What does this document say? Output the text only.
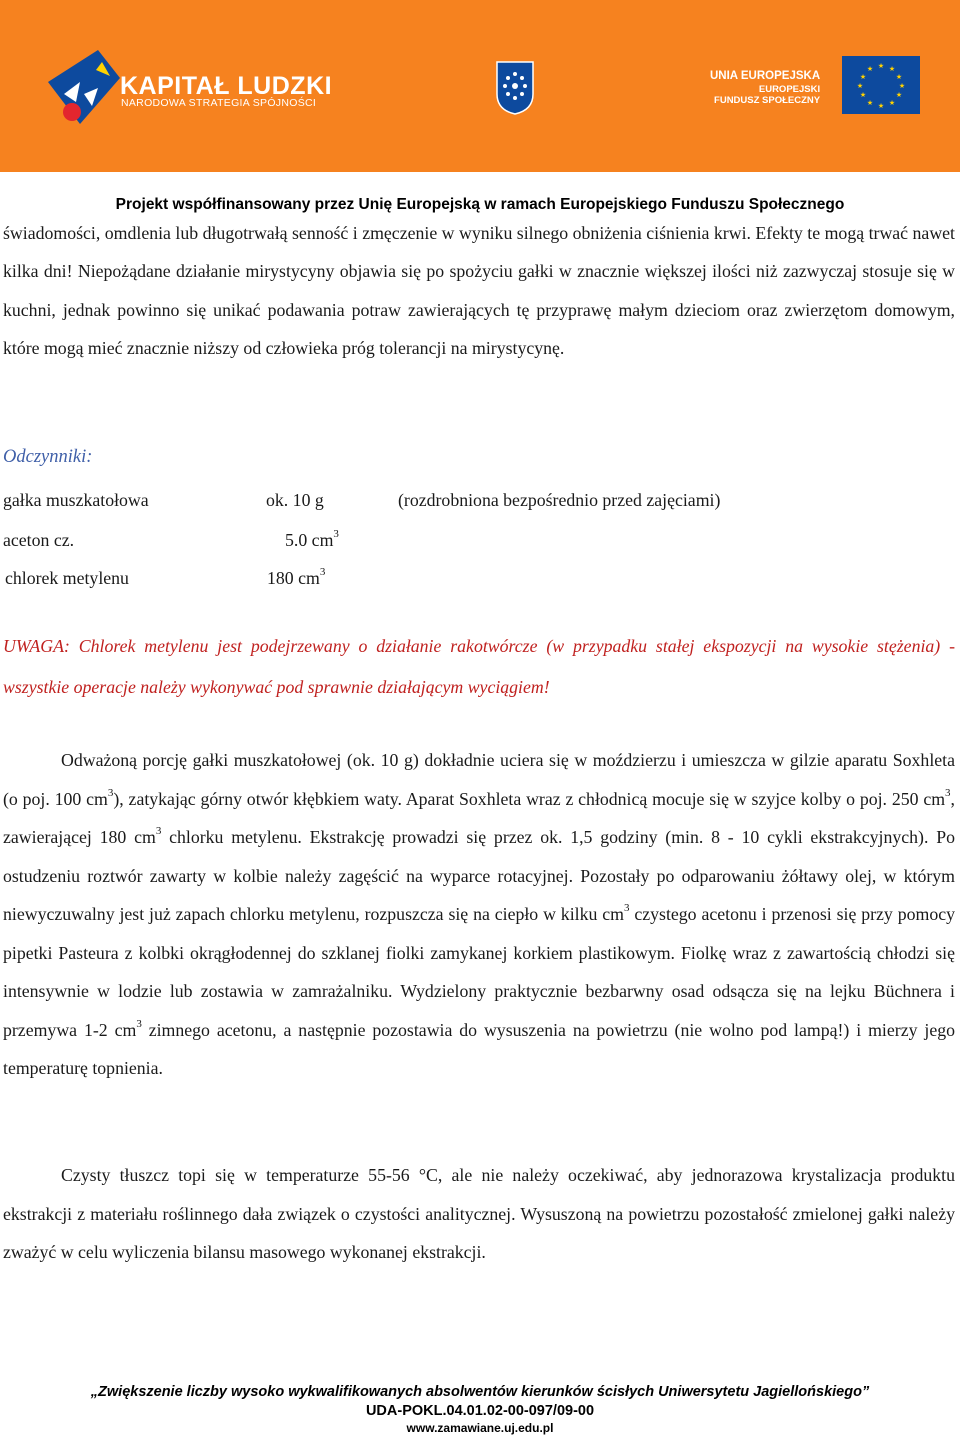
KAPITAŁ LUDZKI
NARODOWA STRATEGIA SPÓJNOŚCI
UNIA EUROPEJSKA
EUROPEJSKI
FUNDUSZ SPOŁECZNY
★ ★
★
★
★
★
★
★
★
★
★
★
Projekt współfinansowany przez Unię Europejską w ramach Europejskiego Funduszu Społecznego

świadomości, omdlenia lub długotrwałą senność i zmęczenie w wyniku silnego obniżenia ciśnienia krwi. Efekty te mogą trwać nawet kilka dni! Niepożądane działanie mirystycyny objawia się po spożyciu gałki w znacznie większej ilości niż zazwyczaj stosuje się w kuchni, jednak powinno się unikać podawania potraw zawierających tę przyprawę małym dzieciom oraz zwierzętom domowym, które mogą mieć znacznie niższy od człowieka próg tolerancji na mirystycynę.

Odczynniki:
gałka muszkatołowa	ok. 10 g	(rozdrobniona bezpośrednio przed zajęciami)
aceton cz.	5.0 $cm^3$
chlorek metylenu	180 $cm^3$
UWAGA: Chlorek metylenu jest podejrzewany o działanie rakotwórcze (w przypadku stałej ekspozycji na wysokie stężenia) - wszystkie operacje należy wykonywać pod sprawnie działającym wyciągiem!

Odważoną porcję gałki muszkatołowej (ok. 10 g) dokładnie uciera się w moździerzu i umieszcza w gilzie aparatu Soxhleta (o poj. 100 $cm^3$), zatykając górny otwór kłębkiem waty. Aparat Soxhleta wraz z chłodnicą mocuje się w szyjce kolby o poj. 250 $cm^3$, zawierającej 180 $cm^3$ chlorku metylenu. Ekstrakcję prowadzi się przez ok. 1,5 godziny (min. 8 - 10 cykli ekstrakcyjnych). Po ostudzeniu roztwór zawarty w kolbie należy zagęścić na wyparce rotacyjnej. Pozostały po odparowaniu żółtawy olej, w którym niewyczuwalny jest już zapach chlorku metylenu, rozpuszcza się na ciepło w kilku $cm^3$ czystego acetonu i przenosi się przy pomocy pipetki Pasteura z kolbki okrągłodennej do szklanej fiolki zamykanej korkiem plastikowym. Fiolkę wraz z zawartością chłodzi się intensywnie w lodzie lub zostawia w zamrażalniku. Wydzielony praktycznie bezbarwny osad odsącza się na lejku Büchnera i przemywa 1-2 $cm^3$ zimnego acetonu, a następnie pozostawia do wysuszenia na powietrzu (nie wolno pod lampą!) i mierzy jego temperaturę topnienia.

Czysty tłuszcz topi się w temperaturze 55-56 °C, ale nie należy oczekiwać, aby jednorazowa krystalizacja produktu ekstrakcji z materiału roślinnego dała związek o czystości analitycznej. Wysuszoną na powietrzu pozostałość zmielonej gałki należy zważyć w celu wyliczenia bilansu masowego wykonanej ekstrakcji.

„Zwiększenie liczby wysoko wykwalifikowanych absolwentów kierunków ścisłych Uniwersytetu Jagiellońskiego”
UDA-POKL.04.01.02-00-097/09-00
www.zamawiane.uj.edu.pl
